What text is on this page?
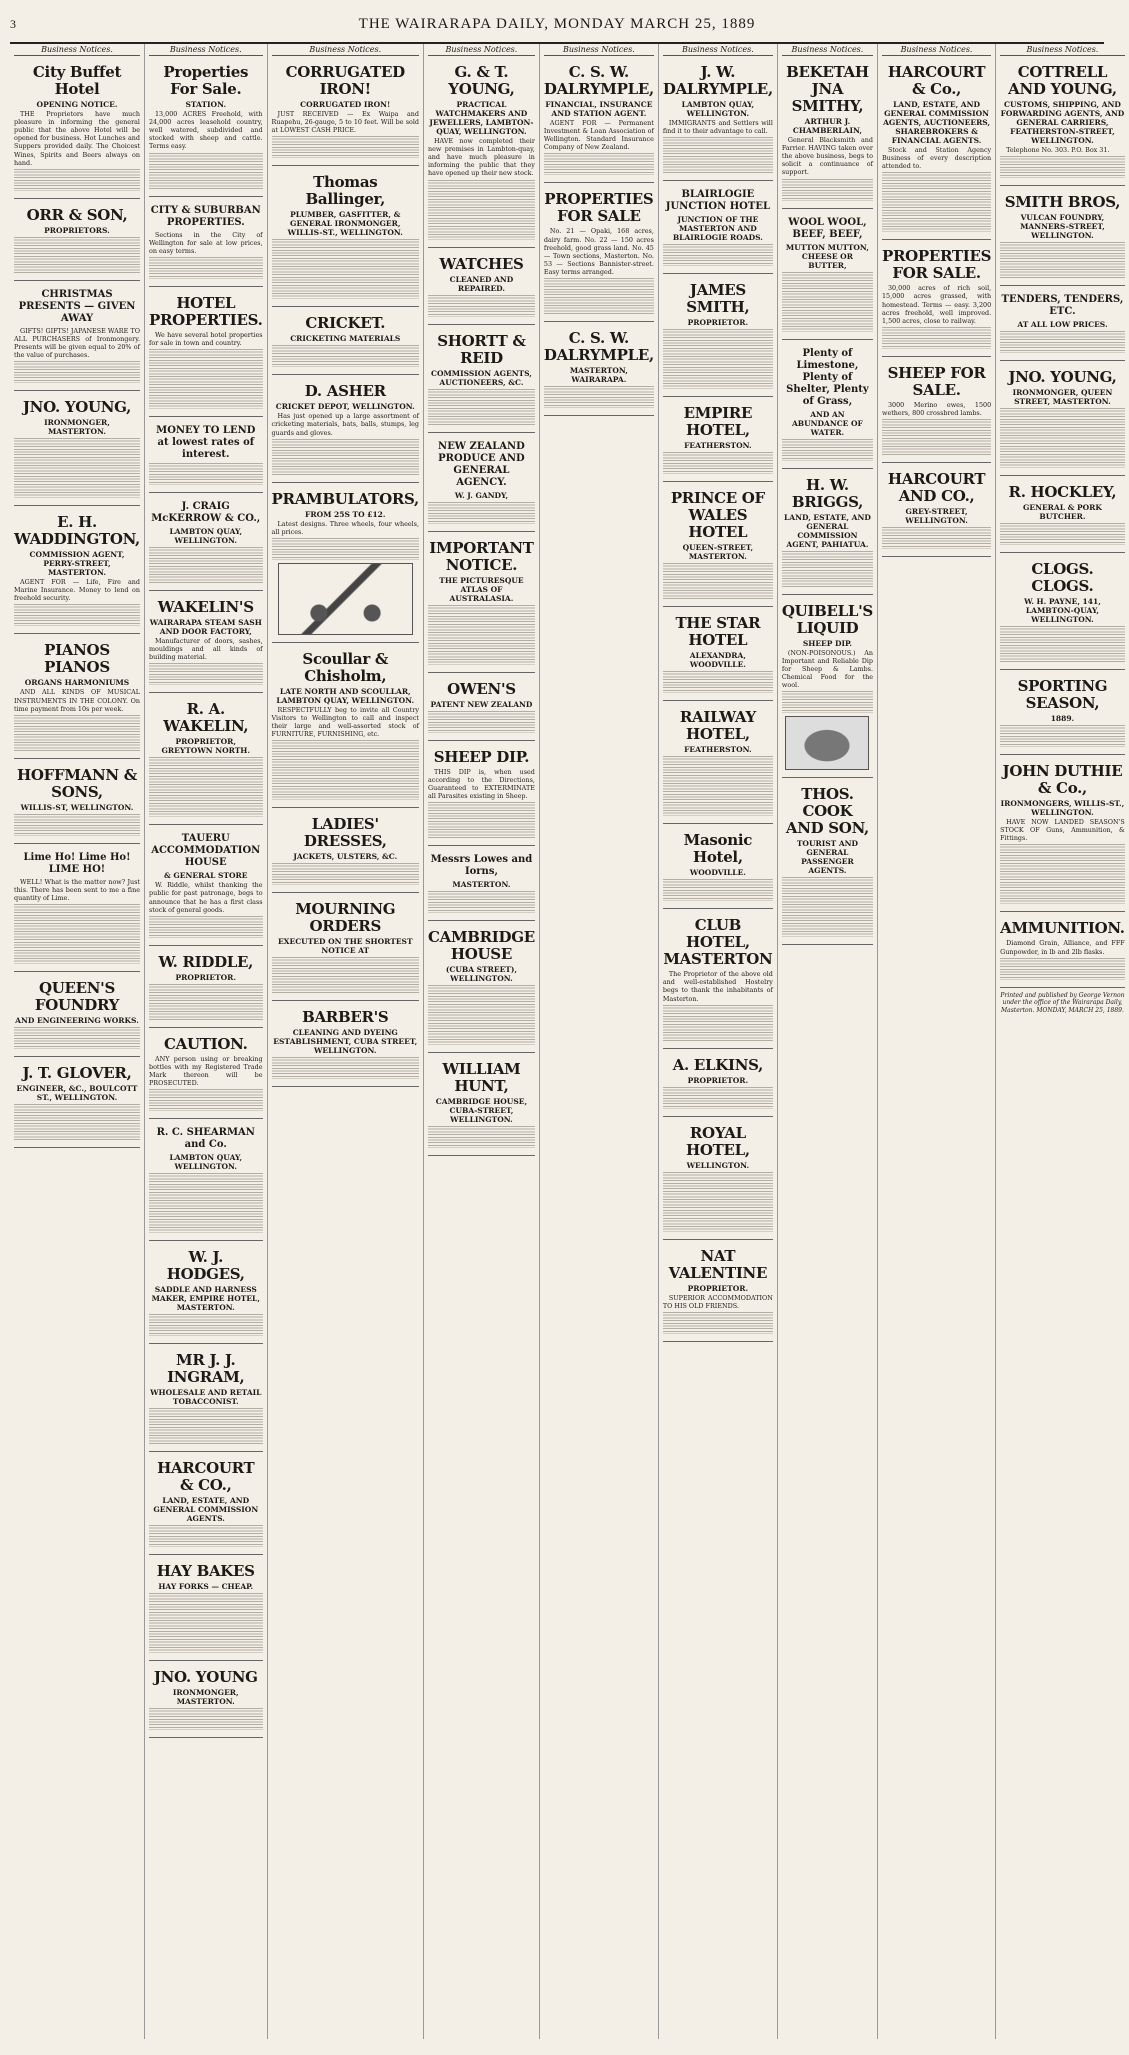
3	THE WAIRARAPA DAILY, MONDAY MARCH 25, 1889
Business Notices.
City Buffet Hotel
OPENING NOTICE.

THE Proprietors have much pleasure in informing the general public that the above Hotel will be opened for business. Hot Lunches and Suppers provided daily. The Choicest Wines, Spirits and Beers always on hand.

ORR & SON,
PROPRIETORS.
CHRISTMAS PRESENTS — GIVEN AWAY

GIFTS! GIFTS! JAPANESE WARE TO ALL PURCHASERS of Ironmongery. Presents will be given equal to 20% of the value of purchases.

JNO. YOUNG,
IRONMONGER, MASTERTON.
E. H. WADDINGTON,
COMMISSION AGENT, PERRY-STREET, MASTERTON.

AGENT FOR — Life, Fire and Marine Insurance. Money to lend on freehold security.

PIANOS PIANOS
ORGANS HARMONIUMS

AND ALL KINDS OF MUSICAL INSTRUMENTS IN THE COLONY. On time payment from 10s per week.

HOFFMANN & SONS,
WILLIS-ST, WELLINGTON.
Lime Ho! Lime Ho! LIME HO!

WELL! What is the matter now? Just this. There has been sent to me a fine quantity of Lime.

QUEEN'S FOUNDRY
AND ENGINEERING WORKS.
J. T. GLOVER,
ENGINEER, &C., BOULCOTT ST., WELLINGTON.
Business Notices.
Properties For Sale.
STATION.

13,000 ACRES Freehold, with 24,000 acres leasehold country, well watered, subdivided and stocked with sheep and cattle. Terms easy.

CITY & SUBURBAN PROPERTIES.

Sections in the City of Wellington for sale at low prices, on easy terms.

HOTEL PROPERTIES.

We have several hotel properties for sale in town and country.

MONEY TO LEND at lowest rates of interest.
J. CRAIG McKERROW & CO.,
LAMBTON QUAY, WELLINGTON.
WAKELIN'S
WAIRARAPA STEAM SASH AND DOOR FACTORY,

Manufacturer of doors, sashes, mouldings and all kinds of building material.

R. A. WAKELIN,
PROPRIETOR, GREYTOWN NORTH.
TAUERU ACCOMMODATION HOUSE
& GENERAL STORE

W. Riddle, whilst thanking the public for past patronage, begs to announce that he has a first class stock of general goods.

W. RIDDLE,
PROPRIETOR.
CAUTION.

ANY person using or breaking bottles with my Registered Trade Mark thereon will be PROSECUTED.

R. C. SHEARMAN and Co.
LAMBTON QUAY, WELLINGTON.
W. J. HODGES,
SADDLE AND HARNESS MAKER, EMPIRE HOTEL, MASTERTON.
MR J. J. INGRAM,
WHOLESALE AND RETAIL TOBACCONIST.
HARCOURT & CO.,
LAND, ESTATE, AND GENERAL COMMISSION AGENTS.
HAY BAKES
HAY FORKS — CHEAP.
JNO. YOUNG
IRONMONGER, MASTERTON.
Business Notices.
CORRUGATED IRON!
CORRUGATED IRON!

JUST RECEIVED — Ex Waipa and Ruapehu, 26-gauge, 5 to 10 feet. Will be sold at LOWEST CASH PRICE.

Thomas Ballinger,
PLUMBER, GASFITTER, & GENERAL IRONMONGER, WILLIS-ST., WELLINGTON.
CRICKET.
CRICKETING MATERIALS
D. ASHER
CRICKET DEPOT, WELLINGTON.

Has just opened up a large assortment of cricketing materials, bats, balls, stumps, leg guards and gloves.

PRAMBULATORS,
FROM 25S TO £12.

Latest designs. Three wheels, four wheels, all prices.

Scoullar & Chisholm,
LATE NORTH AND SCOULLAR, LAMBTON QUAY, WELLINGTON.

RESPECTFULLY beg to invite all Country Visitors to Wellington to call and inspect their large and well-assorted stock of FURNITURE, FURNISHING, etc.

LADIES' DRESSES,
JACKETS, ULSTERS, &C.
MOURNING ORDERS
EXECUTED ON THE SHORTEST NOTICE AT
BARBER'S
CLEANING AND DYEING ESTABLISHMENT, CUBA STREET, WELLINGTON.
Business Notices.
G. & T. YOUNG,
PRACTICAL WATCHMAKERS AND JEWELLERS, LAMBTON-QUAY, WELLINGTON.

HAVE now completed their new premises in Lambton-quay, and have much pleasure in informing the public that they have opened up their new stock.

WATCHES
CLEANED AND REPAIRED.
SHORTT & REID
COMMISSION AGENTS, AUCTIONEERS, &C.
NEW ZEALAND PRODUCE AND GENERAL AGENCY.
W. J. GANDY,
IMPORTANT NOTICE.
THE PICTURESQUE ATLAS OF AUSTRALASIA.
OWEN'S
PATENT NEW ZEALAND
SHEEP DIP.

THIS DIP is, when used according to the Directions, Guaranteed to EXTERMINATE all Parasites existing in Sheep.

Messrs Lowes and Iorns,
MASTERTON.
CAMBRIDGE HOUSE
(CUBA STREET), WELLINGTON.
WILLIAM HUNT,
CAMBRIDGE HOUSE, CUBA-STREET, WELLINGTON.
Business Notices.
C. S. W. DALRYMPLE,
FINANCIAL, INSURANCE AND STATION AGENT.

AGENT FOR — Permanent Investment & Loan Association of Wellington. Standard Insurance Company of New Zealand.

PROPERTIES FOR SALE

No. 21 — Opaki, 168 acres, dairy farm. No. 22 — 150 acres freehold, good grass land. No. 45 — Town sections, Masterton. No. 53 — Sections Bannister-street. Easy terms arranged.

C. S. W. DALRYMPLE,
MASTERTON, WAIRARAPA.
Business Notices.
J. W. DALRYMPLE,
LAMBTON QUAY, WELLINGTON.

IMMIGRANTS and Settlers will find it to their advantage to call.

BLAIRLOGIE JUNCTION HOTEL
JUNCTION OF THE MASTERTON AND BLAIRLOGIE ROADS.
JAMES SMITH,
PROPRIETOR.
EMPIRE HOTEL,
FEATHERSTON.
PRINCE OF WALES HOTEL
QUEEN-STREET, MASTERTON.
THE STAR HOTEL
ALEXANDRA, WOODVILLE.
RAILWAY HOTEL,
FEATHERSTON.
Masonic Hotel,
WOODVILLE.
CLUB HOTEL, MASTERTON

The Proprietor of the above old and well-established Hostelry begs to thank the inhabitants of Masterton.

A. ELKINS,
PROPRIETOR.
ROYAL HOTEL,
WELLINGTON.
NAT VALENTINE
PROPRIETOR.

SUPERIOR ACCOMMODATION TO HIS OLD FRIENDS.

Business Notices.
BEKETAH JNA SMITHY,
ARTHUR J. CHAMBERLAIN,

General Blacksmith and Farrier. HAVING taken over the above business, begs to solicit a continuance of support.

WOOL WOOL, BEEF, BEEF,
MUTTON MUTTON, CHEESE OR BUTTER,
Plenty of Limestone, Plenty of Shelter, Plenty of Grass,
AND AN ABUNDANCE OF WATER.
H. W. BRIGGS,
LAND, ESTATE, AND GENERAL COMMISSION AGENT, PAHIATUA.
QUIBELL'S LIQUID
SHEEP DIP.

(NON-POISONOUS.) An Important and Reliable Dip for Sheep & Lambs. Chemical Food for the wool.

THOS. COOK AND SON,
TOURIST AND GENERAL PASSENGER AGENTS.
Business Notices.
HARCOURT & Co.,
LAND, ESTATE, AND GENERAL COMMISSION AGENTS, AUCTIONEERS, SHAREBROKERS & FINANCIAL AGENTS.

Stock and Station Agency Business of every description attended to.

PROPERTIES FOR SALE.

30,000 acres of rich soil, 15,000 acres grassed, with homestead. Terms — easy. 3,200 acres freehold, well improved. 1,500 acres, close to railway.

SHEEP FOR SALE.

3000 Merino ewes, 1500 wethers, 800 crossbred lambs.

HARCOURT AND CO.,
GREY-STREET, WELLINGTON.
Business Notices.
COTTRELL AND YOUNG,
CUSTOMS, SHIPPING, AND FORWARDING AGENTS, AND GENERAL CARRIERS, FEATHERSTON-STREET, WELLINGTON.

Telephone No. 303. P.O. Box 31.

SMITH BROS,
VULCAN FOUNDRY, MANNERS-STREET, WELLINGTON.
TENDERS, TENDERS, ETC.
AT ALL LOW PRICES.
JNO. YOUNG,
IRONMONGER, QUEEN STREET, MASTERTON.
R. HOCKLEY,
GENERAL & PORK BUTCHER.
CLOGS. CLOGS.
W. H. PAYNE, 141, LAMBTON-QUAY, WELLINGTON.
SPORTING SEASON,
1889.
JOHN DUTHIE & Co.,
IRONMONGERS, WILLIS-ST., WELLINGTON.

HAVE NOW LANDED SEASON'S STOCK OF Guns, Ammunition, & Fittings.

AMMUNITION.

Diamond Grain, Alliance, and FFF Gunpowder, in lb and 2lb flasks.

Printed and published by George Vernon under the office of the Wairarapa Daily, Masterton. MONDAY, MARCH 25, 1889.
